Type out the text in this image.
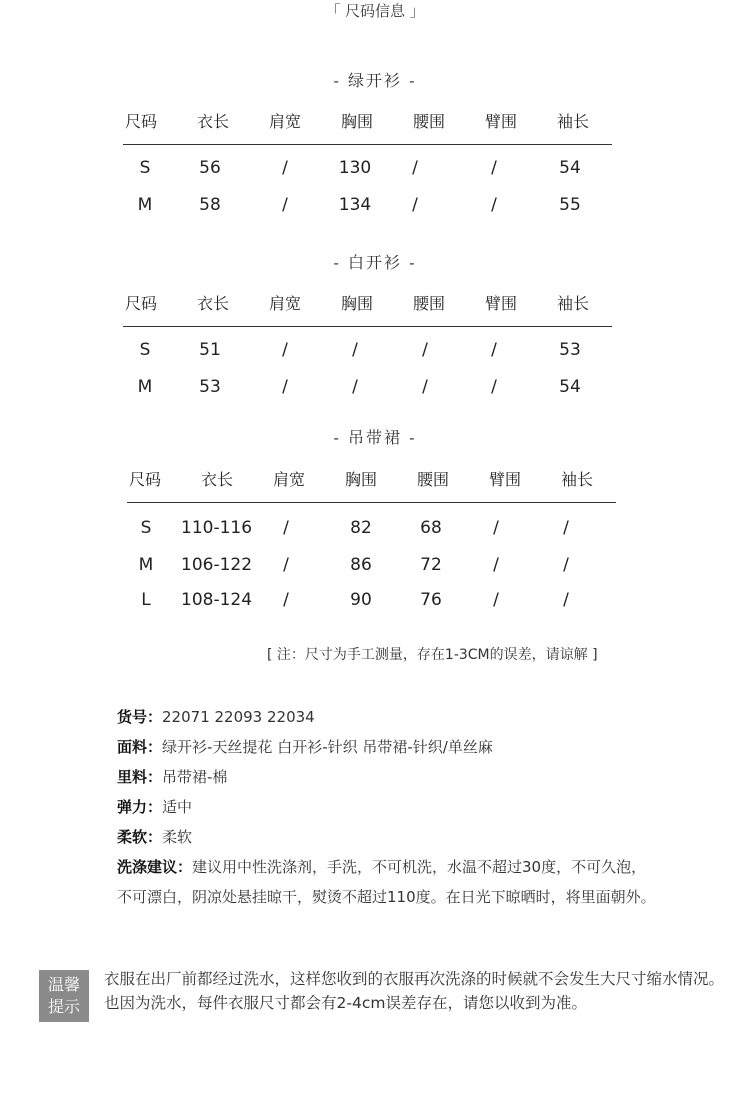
「 尺码信息 」
- 绿开衫 -
尺码	衣长	肩宽	胸围	腰围	臂围	袖长
S	56	/	130	/	/	54
M	58	/	134	/	/	55
- 白开衫 -
尺码	衣长	肩宽	胸围	腰围	臂围	袖长
S	51	/	/	/	/	53
M	53	/	/	/	/	54
- 吊带裙 -
尺码	衣长	肩宽	胸围	腰围	臂围	袖长
S	110-116	/	82	68	/	/
M	106-122	/	86	72	/	/
L	108-124	/	90	76	/	/
[ 注：尺寸为手工测量，存在1-3CM的误差，请谅解 ]
货号：22071 22093 22034
面料：绿开衫-天丝提花 白开衫-针织 吊带裙-针织/单丝麻
里料：吊带裙-棉
弹力：适中
柔软：柔软
洗涤建议：建议用中性洗涤剂，手洗，不可机洗，水温不超过30度，不可久泡，
不可漂白，阴凉处悬挂晾干，熨烫不超过110度。在日光下晾晒时，将里面朝外。
温馨
提示
衣服在出厂前都经过洗水，这样您收到的衣服再次洗涤的时候就不会发生大尺寸缩水情况。也因为洗水，每件衣服尺寸都会有2-4cm误差存在，请您以收到为准。
